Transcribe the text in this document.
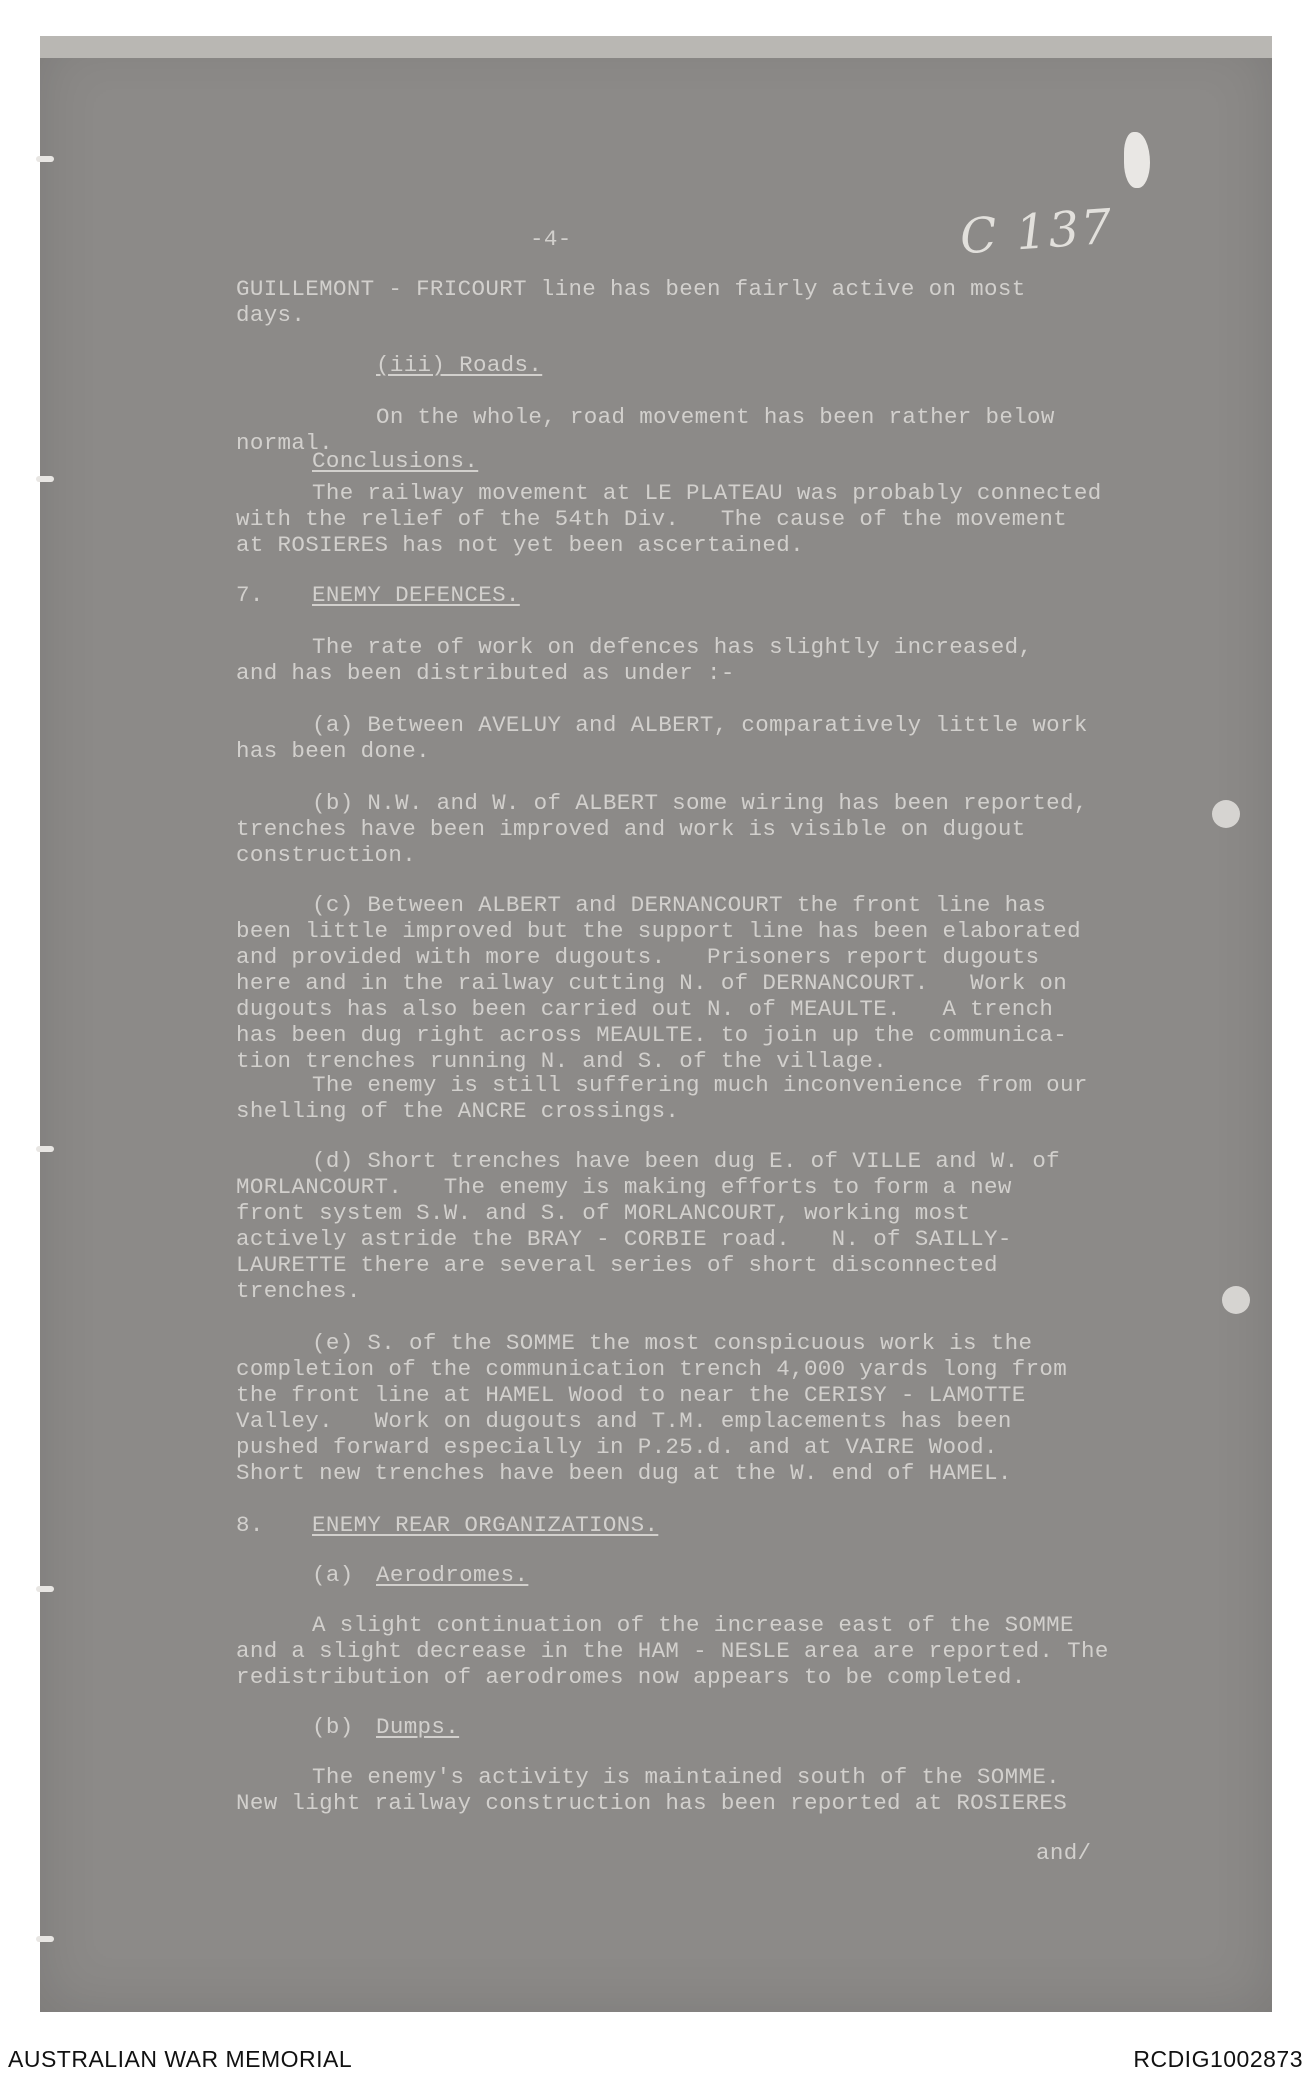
C 137
-4-
GUILLEMONT - FRICOURT line has been fairly active on most
days.
(iii) Roads.
On the whole, road movement has been rather below
normal.
Conclusions.
The railway movement at LE PLATEAU was probably connected
with the relief of the 54th Div.   The cause of the movement
at ROSIERES has not yet been ascertained.
7. ENEMY DEFENCES.
The rate of work on defences has slightly increased,
and has been distributed as under :-
(a) Between AVELUY and ALBERT, comparatively little work
has been done.
(b) N.W. and W. of ALBERT some wiring has been reported,
trenches have been improved and work is visible on dugout
construction.
(c) Between ALBERT and DERNANCOURT the front line has
been little improved but the support line has been elaborated
and provided with more dugouts.   Prisoners report dugouts
here and in the railway cutting N. of DERNANCOURT.   Work on
dugouts has also been carried out N. of MEAULTE.   A trench
has been dug right across MEAULTE. to join up the communica-
tion trenches running N. and S. of the village.
The enemy is still suffering much inconvenience from our
shelling of the ANCRE crossings.
(d) Short trenches have been dug E. of VILLE and W. of
MORLANCOURT.   The enemy is making efforts to form a new
front system S.W. and S. of MORLANCOURT, working most
actively astride the BRAY - CORBIE road.   N. of SAILLY-
LAURETTE there are several series of short disconnected
trenches.
(e) S. of the SOMME the most conspicuous work is the
completion of the communication trench 4,000 yards long from
the front line at HAMEL Wood to near the CERISY - LAMOTTE
Valley.   Work on dugouts and T.M. emplacements has been
pushed forward especially in P.25.d. and at VAIRE Wood.
Short new trenches have been dug at the W. end of HAMEL.
8. ENEMY REAR ORGANIZATIONS.
(a) Aerodromes.
A slight continuation of the increase east of the SOMME
and a slight decrease in the HAM - NESLE area are reported. The
redistribution of aerodromes now appears to be completed.
(b) Dumps.
The enemy's activity is maintained south of the SOMME.
New light railway construction has been reported at ROSIERES
and/
AUSTRALIAN WAR MEMORIAL	RCDIG1002873
